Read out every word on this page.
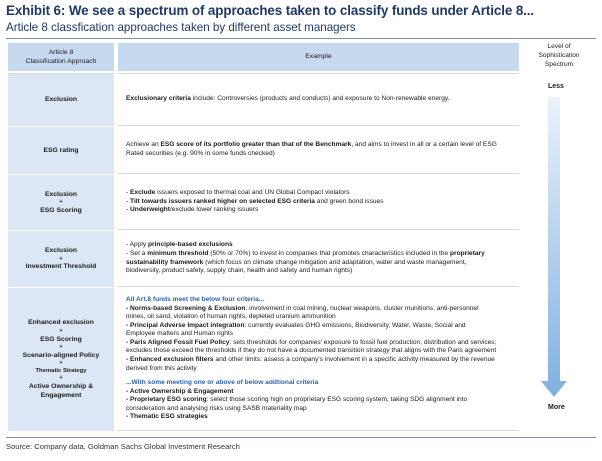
Exhibit 6: We see a spectrum of approaches taken to classify funds under Article 8...
Article 8 classfication approaches taken by different asset managers
Article 8
Classification Approach
Example
Exclusion	Exclusionary criteria include: Controversies (products and conducts) and exposure to Non-renewable energy.
ESG rating
Achieve an ESG score of its portfolio greater than that of the Benchmark, and aims to invest in all or a certain level of ESG
Rated securities (e.g. 90% in some funds checked)
Exclusion
+
ESG Scoring
- Exclude issuers exposed to thermal coal and UN Global Compact violators
- Tilt towards issuers ranked higher on selected ESG criteria and green bond issues
- Underweight/exclude lower ranking issuers
Exclusion
+
Investment Threshold
- Apply principle-based exclusions
- Set a minimum threshold (50% or 70%) to invest in companies that promotes characteristics included in the proprietary
sustainability framework (which focus on climate change mitigation and adaptation, water and waste management,
biodiversity, product safety, supply chain, health and safety and human rights)
Enhanced exclusion
+
ESG Scoring
+
Scenario-aligned Policy
+
Thematic Strategy
+
Active Ownership &
Engagement
All Art.8 funds meet the below four criteria...
- Norms-based Screening & Exclusion: involvement in coal mining, nuclear weapons, cluster munitions, anti-personnel
mines, oil sand, violation of human rights, depleted uranium ammunition
- Principal Adverse Impact integration: currently evaluates GHG emissions, Biodiversity, Water, Waste, Social and
Employee matters and Human rights
- Paris Aligned Fossil Fuel Policy: sets thresholds for companies' exposure to fossil fuel production, distribution and services;
excludes those exceed the thresholds if they do not have a documented transition strategy that aligns with the Paris agreement
- Enhanced exclusion filters and other limits: assess a company's involvement in a specific activity measured by the revenue
derived from this activity
...With some meeting one or above of below addtional criteria
- Active Ownership & Engagement
- Proprietary ESG scoring: select those scoring high on proprietary ESG scoring system, taking SDG alignment into
consideration and analysing risks using SASB materiality map
- Thematic ESG strategies
Level of
Sophistication
Spectrum
Less
More
Source: Company data, Goldman Sachs Global Investment Research
